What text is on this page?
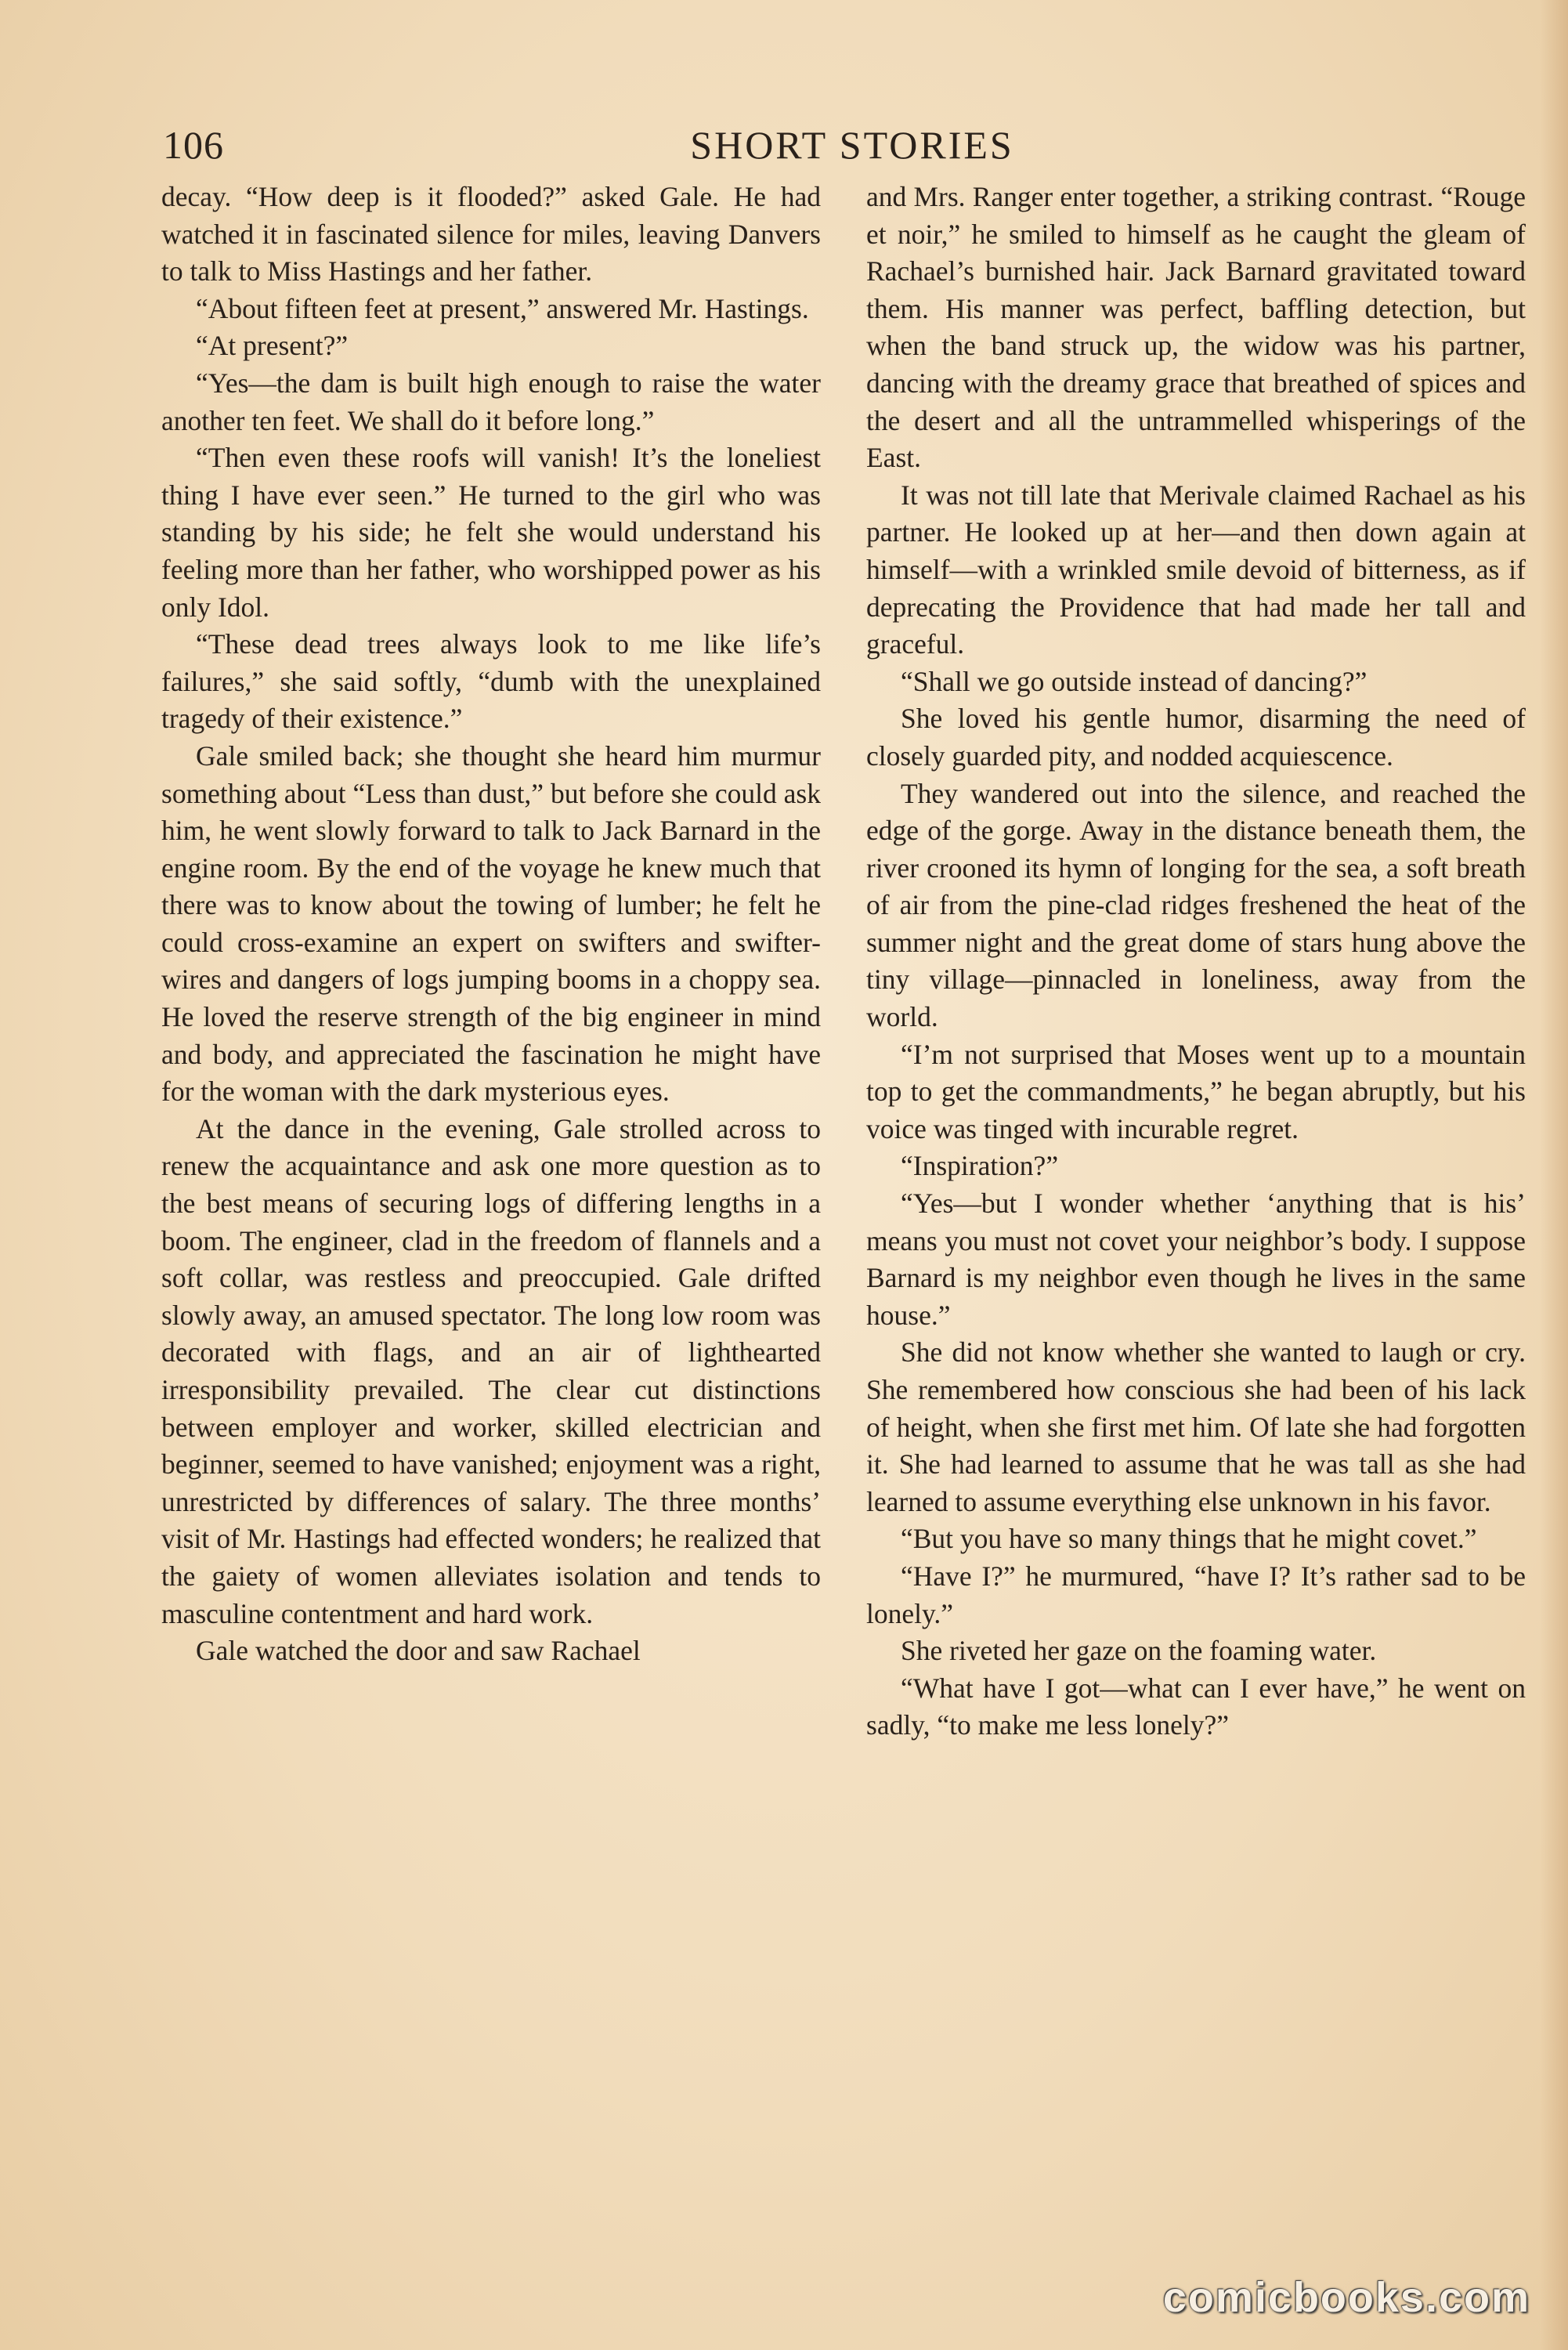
106	SHORT STORIES

decay. “How deep is it flooded?” asked Gale. He had watched it in fascinated silence for miles, leaving Danvers to talk to Miss Hastings and her father.

“About fifteen feet at present,” answered Mr. Hastings.

“At present?”

“Yes—the dam is built high enough to raise the water another ten feet. We shall do it before long.”

“Then even these roofs will vanish! It’s the loneliest thing I have ever seen.” He turned to the girl who was standing by his side; he felt she would understand his feeling more than her father, who worshipped power as his only Idol.

“These dead trees always look to me like life’s failures,” she said softly, “dumb with the unexplained tragedy of their existence.”

Gale smiled back; she thought she heard him murmur something about “Less than dust,” but before she could ask him, he went slowly forward to talk to Jack Barnard in the engine room. By the end of the voyage he knew much that there was to know about the towing of lumber; he felt he could cross-examine an expert on swifters and swifter-wires and dangers of logs jumping booms in a choppy sea. He loved the reserve strength of the big engineer in mind and body, and appreciated the fascination he might have for the woman with the dark mysterious eyes.

At the dance in the evening, Gale strolled across to renew the acquaintance and ask one more question as to the best means of securing logs of differing lengths in a boom. The engineer, clad in the freedom of flannels and a soft collar, was restless and preoccupied. Gale drifted slowly away, an amused spectator. The long low room was decorated with flags, and an air of lighthearted irresponsibility prevailed. The clear cut distinctions between employer and worker, skilled electrician and beginner, seemed to have vanished; enjoyment was a right, unrestricted by differences of salary. The three months’ visit of Mr. Hastings had effected wonders; he realized that the gaiety of women alleviates isolation and tends to masculine contentment and hard work.

Gale watched the door and saw Rachael

and Mrs. Ranger enter together, a striking contrast. “Rouge et noir,” he smiled to himself as he caught the gleam of Rachael’s burnished hair. Jack Barnard gravitated toward them. His manner was perfect, baffling detection, but when the band struck up, the widow was his partner, dancing with the dreamy grace that breathed of spices and the desert and all the untrammelled whisperings of the East.

It was not till late that Merivale claimed Rachael as his partner. He looked up at her—and then down again at himself—with a wrinkled smile devoid of bitterness, as if deprecating the Providence that had made her tall and graceful.

“Shall we go outside instead of dancing?”

She loved his gentle humor, disarming the need of closely guarded pity, and nodded acquiescence.

They wandered out into the silence, and reached the edge of the gorge. Away in the distance beneath them, the river crooned its hymn of longing for the sea, a soft breath of air from the pine-clad ridges freshened the heat of the summer night and the great dome of stars hung above the tiny village—pinnacled in loneliness, away from the world.

“I’m not surprised that Moses went up to a mountain top to get the commandments,” he began abruptly, but his voice was tinged with incurable regret.

“Inspiration?”

“Yes—but I wonder whether ‘anything that is his’ means you must not covet your neighbor’s body. I suppose Barnard is my neighbor even though he lives in the same house.”

She did not know whether she wanted to laugh or cry. She remembered how conscious she had been of his lack of height, when she first met him. Of late she had forgotten it. She had learned to assume that he was tall as she had learned to assume everything else unknown in his favor.

“But you have so many things that he might covet.”

“Have I?” he murmured, “have I? It’s rather sad to be lonely.”

She riveted her gaze on the foaming water.

“What have I got—what can I ever have,” he went on sadly, “to make me less lonely?”

comicbooks.com
